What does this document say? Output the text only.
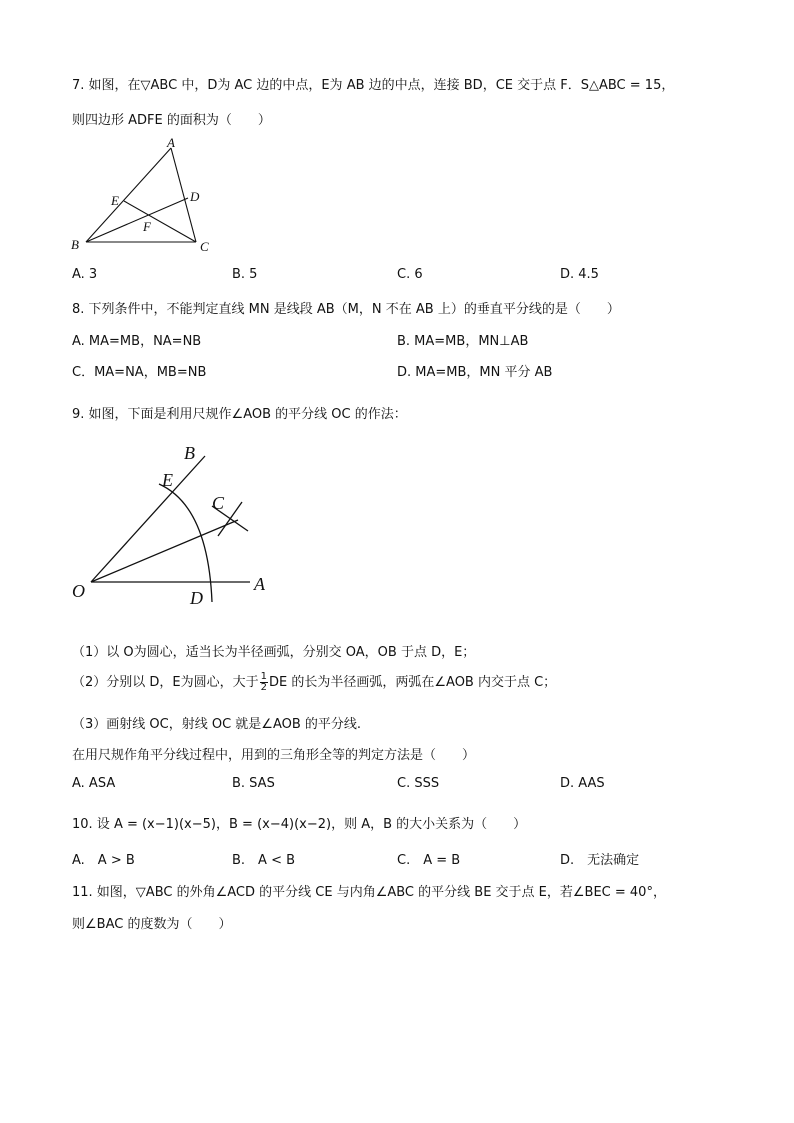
7. 如图，在▽ABC 中，D为 AC 边的中点，E为 AB 边的中点，连接 BD，CE 交于点 F．S△ABC = 15，
则四边形 ADFE 的面积为（　　）
A
B	C
D
E
F
A. 3	B. 5	C. 6	D. 4.5
8. 下列条件中，不能判定直线 MN 是线段 AB（M，N 不在 AB 上）的垂直平分线的是（　　）
A. MA=MB，NA=NB	B. MA=MB，MN⊥AB
C．MA=NA，MB=NB	D. MA=MB，MN 平分 AB
9. 如图，下面是利用尺规作∠AOB 的平分线 OC 的作法：
O	A
B
C
D
E
（1）以 O为圆心，适当长为半径画弧，分别交 OA，OB 于点 D，E；
（2）分别以 D，E为圆心，大于 $\frac{1}{2}$ DE 的长为半径画弧，两弧在∠AOB 内交于点 C；
（3）画射线 OC，射线 OC 就是∠AOB 的平分线.
在用尺规作角平分线过程中，用到的三角形全等的判定方法是（　　）
A. ASA	B. SAS	C. SSS	D. AAS
10. 设 A = (x−1)(x−5)，B = (x−4)(x−2)，则 A，B 的大小关系为（　　）
A.　A > B	B.　A < B	C.　A = B	D.　无法确定
11. 如图，▽ABC 的外角∠ACD 的平分线 CE 与内角∠ABC 的平分线 BE 交于点 E，若∠BEC = 40°，
则∠BAC 的度数为（　　）
